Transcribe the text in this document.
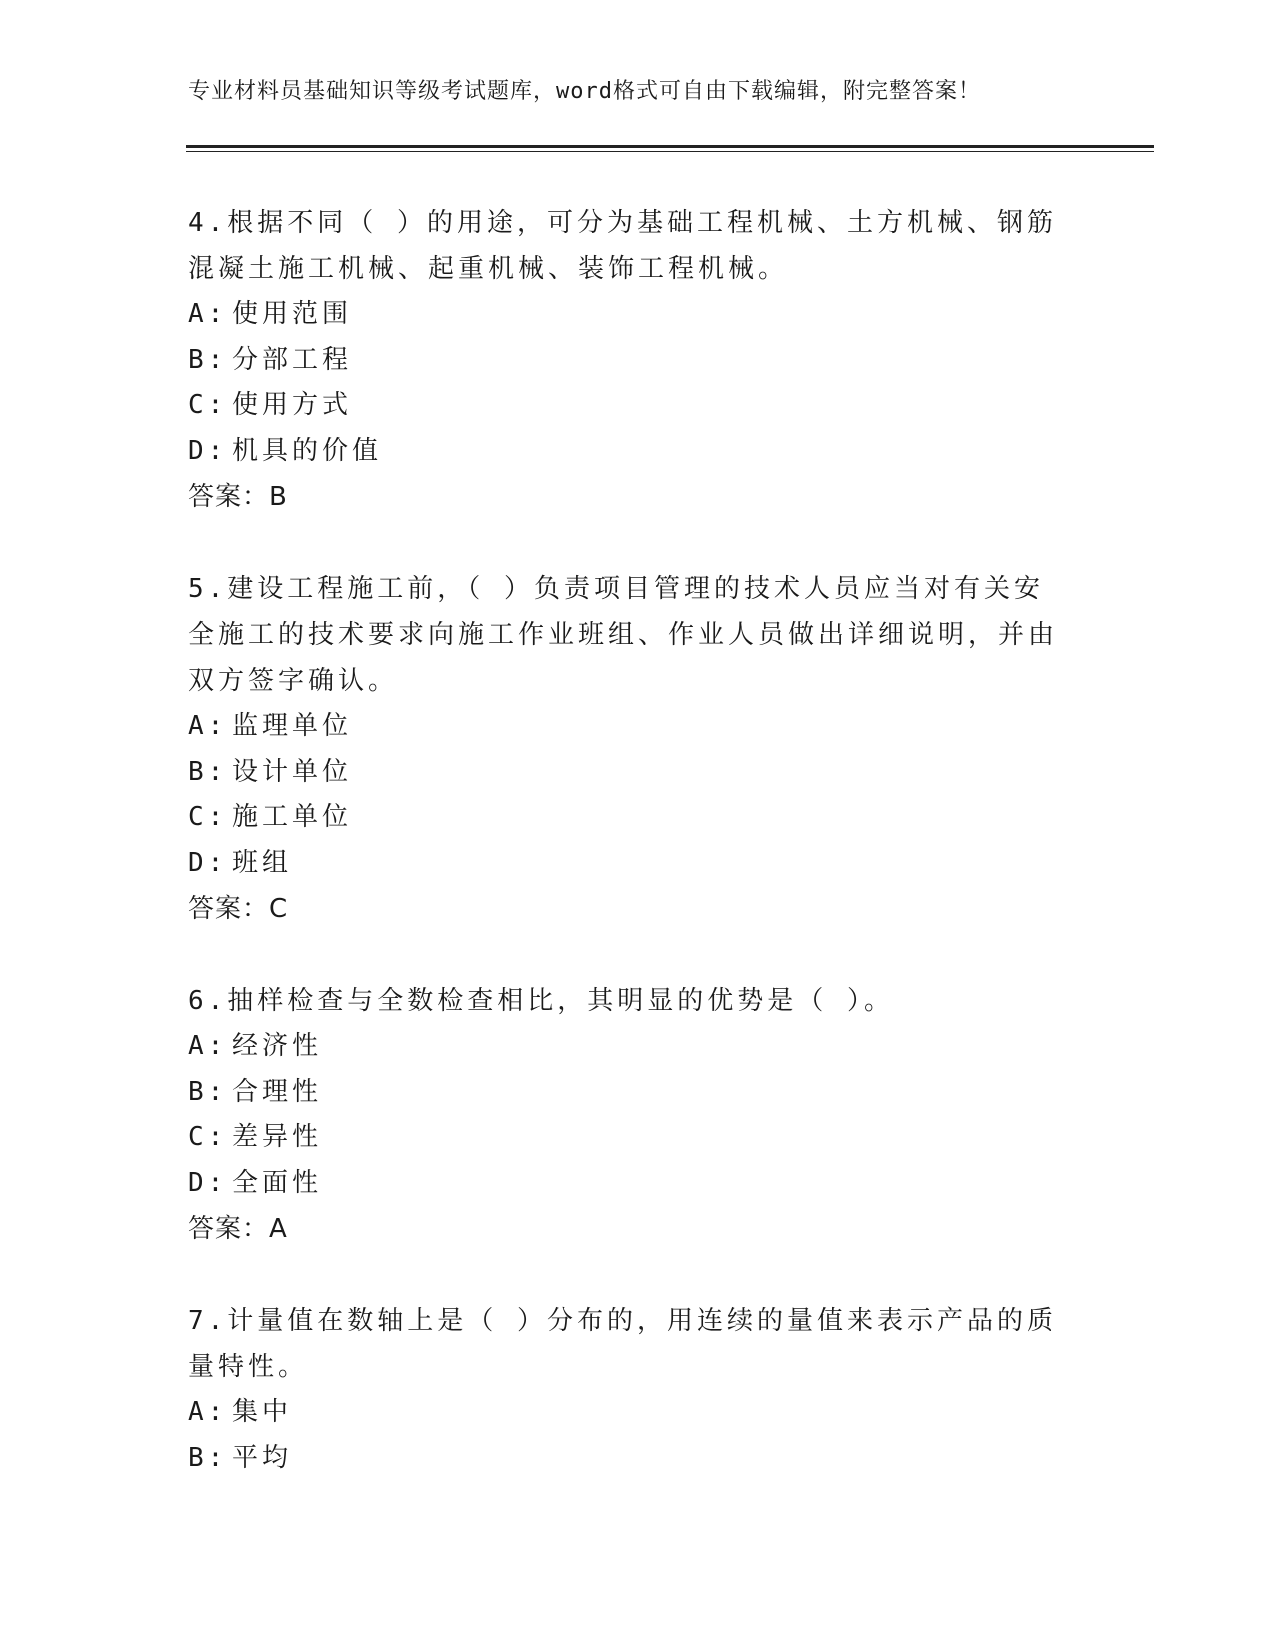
专业材料员基础知识等级考试题库，word格式可自由下载编辑，附完整答案！
4.根据不同（ ）的用途，可分为基础工程机械、土方机械、钢筋混凝土施工机械、起重机械、装饰工程机械。
A: 使用范围
B: 分部工程
C: 使用方式
D: 机具的价值
答案：B
5.建设工程施工前，（ ）负责项目管理的技术人员应当对有关安全施工的技术要求向施工作业班组、作业人员做出详细说明，并由双方签字确认。
A: 监理单位
B: 设计单位
C: 施工单位
D: 班组
答案：C
6.抽样检查与全数检查相比，其明显的优势是（ ）。
A: 经济性
B: 合理性
C: 差异性
D: 全面性
答案：A
7.计量值在数轴上是（ ）分布的，用连续的量值来表示产品的质量特性。
A: 集中
B: 平均
